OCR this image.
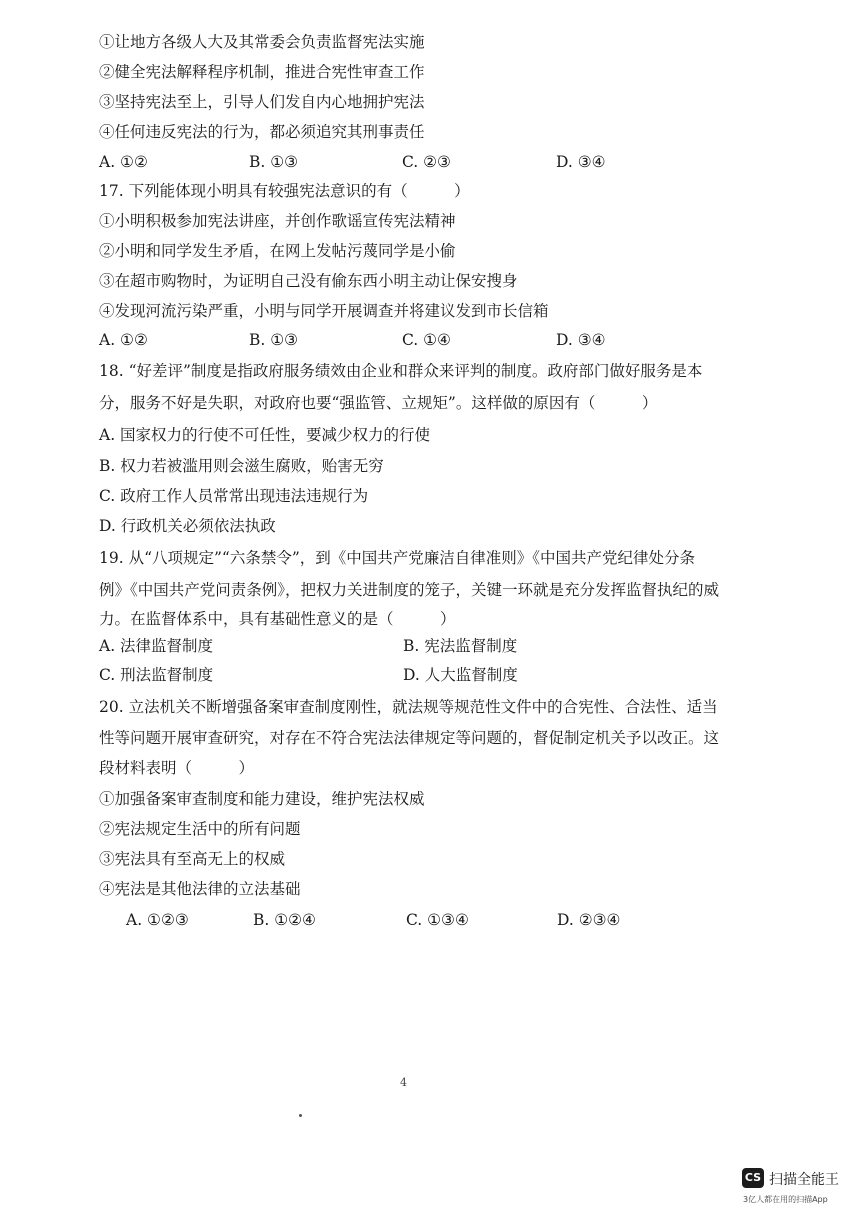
①让地方各级人大及其常委会负责监督宪法实施
②健全宪法解释程序机制，推进合宪性审查工作
③坚持宪法至上，引导人们发自内心地拥护宪法
④任何违反宪法的行为，都必须追究其刑事责任
A. ①②	B. ①③	C. ②③	D. ③④
17. 下列能体现小明具有较强宪法意识的有（　　　）
①小明积极参加宪法讲座，并创作歌谣宣传宪法精神
②小明和同学发生矛盾，在网上发帖污蔑同学是小偷
③在超市购物时，为证明自己没有偷东西小明主动让保安搜身
④发现河流污染严重，小明与同学开展调查并将建议发到市长信箱
A. ①②	B. ①③	C. ①④	D. ③④
18. “好差评”制度是指政府服务绩效由企业和群众来评判的制度。政府部门做好服务是本
分，服务不好是失职，对政府也要“强监管、立规矩”。这样做的原因有（　　　）
A. 国家权力的行使不可任性，要减少权力的行使
B. 权力若被滥用则会滋生腐败，贻害无穷
C. 政府工作人员常常出现违法违规行为
D. 行政机关必须依法执政
19. 从“八项规定”“六条禁令”，到《中国共产党廉洁自律准则》《中国共产党纪律处分条
例》《中国共产党问责条例》，把权力关进制度的笼子，关键一环就是充分发挥监督执纪的威
力。在监督体系中，具有基础性意义的是（　　　）
A. 法律监督制度	B. 宪法监督制度
C. 刑法监督制度	D. 人大监督制度
20. 立法机关不断增强备案审查制度刚性，就法规等规范性文件中的合宪性、合法性、适当
性等问题开展审查研究，对存在不符合宪法法律规定等问题的，督促制定机关予以改正。这
段材料表明（　　　）
①加强备案审查制度和能力建设，维护宪法权威
②宪法规定生活中的所有问题
③宪法具有至高无上的权威
④宪法是其他法律的立法基础
A. ①②③	B. ①②④	C. ①③④	D. ②③④
4
CS 扫描全能王
3亿人都在用的扫描App
